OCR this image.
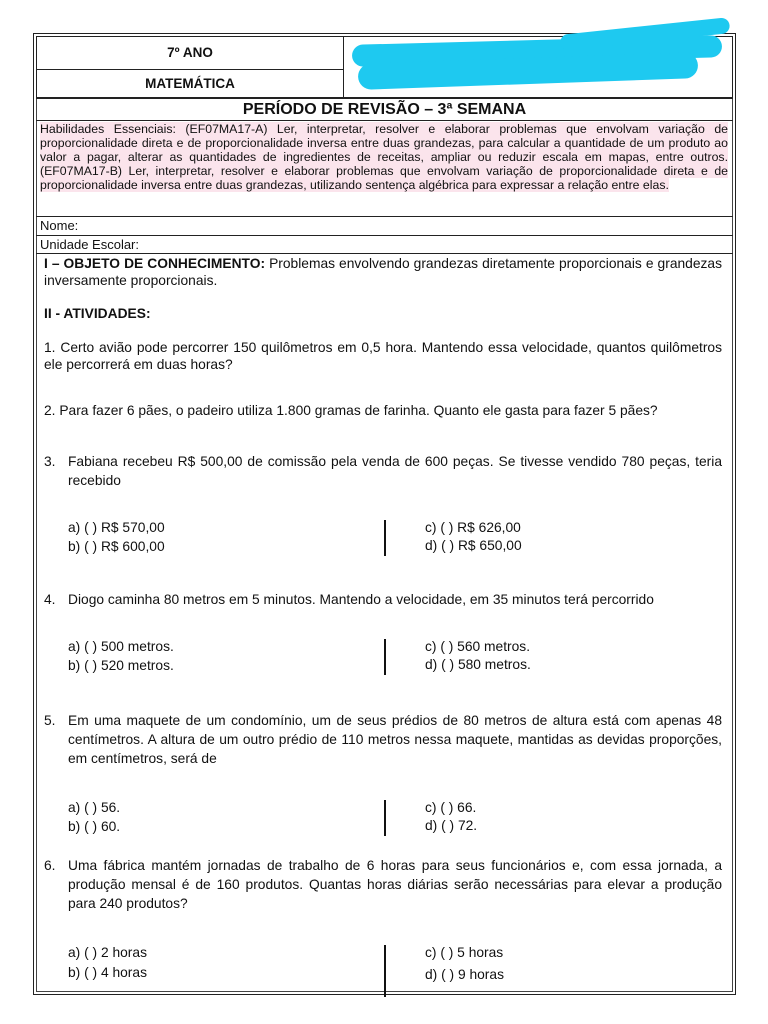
7º ANO
MATEMÁTICA
PERÍODO DE REVISÃO – 3ª SEMANA
Habilidades Essenciais: (EF07MA17-A) Ler, interpretar, resolver e elaborar problemas que envolvam variação de proporcionalidade direta e de proporcionalidade inversa entre duas grandezas, para calcular a quantidade de um produto ao valor a pagar, alterar as quantidades de ingredientes de receitas, ampliar ou reduzir escala em mapas, entre outros. (EF07MA17-B) Ler, interpretar, resolver e elaborar problemas que envolvam variação de proporcionalidade direta e de proporcionalidade inversa entre duas grandezas, utilizando sentença algébrica para expressar a relação entre elas.
Nome:
Unidade Escolar:
I – OBJETO DE CONHECIMENTO: Problemas envolvendo grandezas diretamente proporcionais e grandezas inversamente proporcionais.
II - ATIVIDADES:
1. Certo avião pode percorrer 150 quilômetros em 0,5 hora. Mantendo essa velocidade, quantos quilômetros ele percorrerá em duas horas?
2. Para fazer 6 pães, o padeiro utiliza 1.800 gramas de farinha. Quanto ele gasta para fazer 5 pães?
3. Fabiana recebeu R$ 500,00 de comissão pela venda de 600 peças. Se tivesse vendido 780 peças, teria recebido
a) ( ) R$ 570,00
b) ( ) R$ 600,00
c) ( ) R$ 626,00
d) ( ) R$ 650,00
4. Diogo caminha 80 metros em 5 minutos. Mantendo a velocidade, em 35 minutos terá percorrido
a) ( ) 500 metros.
b) ( ) 520 metros.
c) ( ) 560 metros.
d) ( ) 580 metros.
5. Em uma maquete de um condomínio, um de seus prédios de 80 metros de altura está com apenas 48 centímetros. A altura de um outro prédio de 110 metros nessa maquete, mantidas as devidas proporções, em centímetros, será de
a) ( ) 56.
b) ( ) 60.
c) ( ) 66.
d) ( ) 72.
6. Uma fábrica mantém jornadas de trabalho de 6 horas para seus funcionários e, com essa jornada, a produção mensal é de 160 produtos. Quantas horas diárias serão necessárias para elevar a produção para 240 produtos?
a) ( ) 2 horas
b) ( ) 4 horas
c) ( ) 5 horas
d) ( ) 9 horas
